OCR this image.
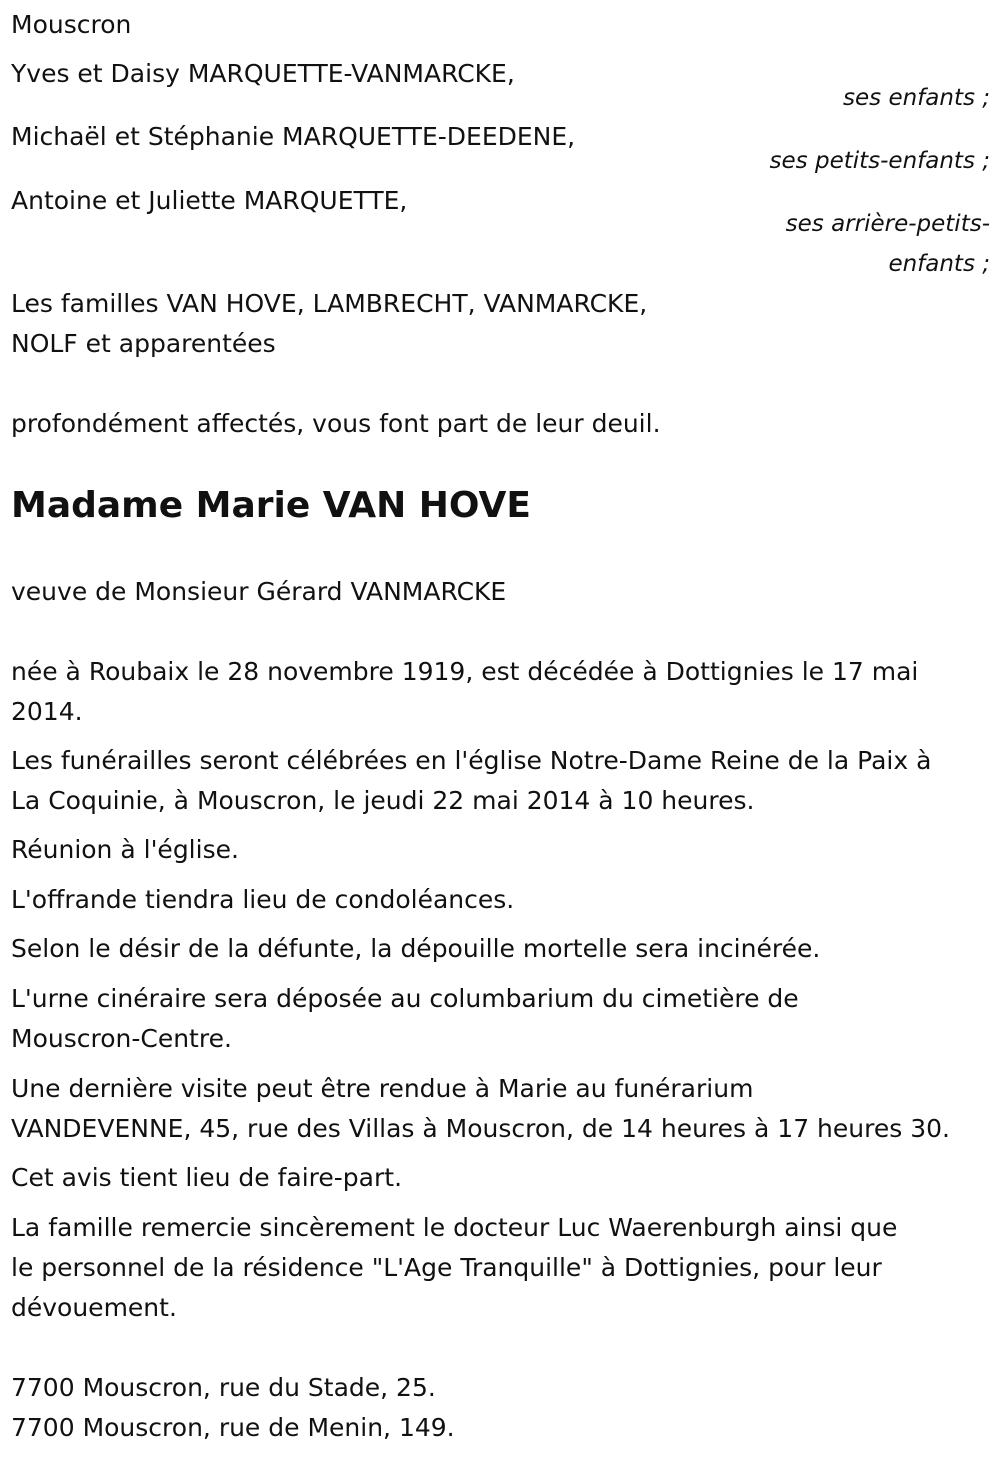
Mouscron
Yves et Daisy MARQUETTE-VANMARCKE,
ses enfants ;
Michaël et Stéphanie MARQUETTE-DEEDENE,
ses petits-enfants ;
Antoine et Juliette MARQUETTE,
ses arrière-petits-
enfants ;
Les familles VAN HOVE, LAMBRECHT, VANMARCKE,
NOLF et apparentées
profondément affectés, vous font part de leur deuil.
Madame Marie VAN HOVE
veuve de Monsieur Gérard VANMARCKE
née à Roubaix le 28 novembre 1919, est décédée à Dottignies le 17 mai
2014.
Les funérailles seront célébrées en l'église Notre-Dame Reine de la Paix à
La Coquinie, à Mouscron, le jeudi 22 mai 2014 à 10 heures.
Réunion à l'église.
L'offrande tiendra lieu de condoléances.
Selon le désir de la défunte, la dépouille mortelle sera incinérée.
L'urne cinéraire sera déposée au columbarium du cimetière de
Mouscron-Centre.
Une dernière visite peut être rendue à Marie au funérarium
VANDEVENNE, 45, rue des Villas à Mouscron, de 14 heures à 17 heures 30.
Cet avis tient lieu de faire-part.
La famille remercie sincèrement le docteur Luc Waerenburgh ainsi que
le personnel de la résidence "L'Age Tranquille" à Dottignies, pour leur
dévouement.
7700 Mouscron, rue du Stade, 25.
7700 Mouscron, rue de Menin, 149.
